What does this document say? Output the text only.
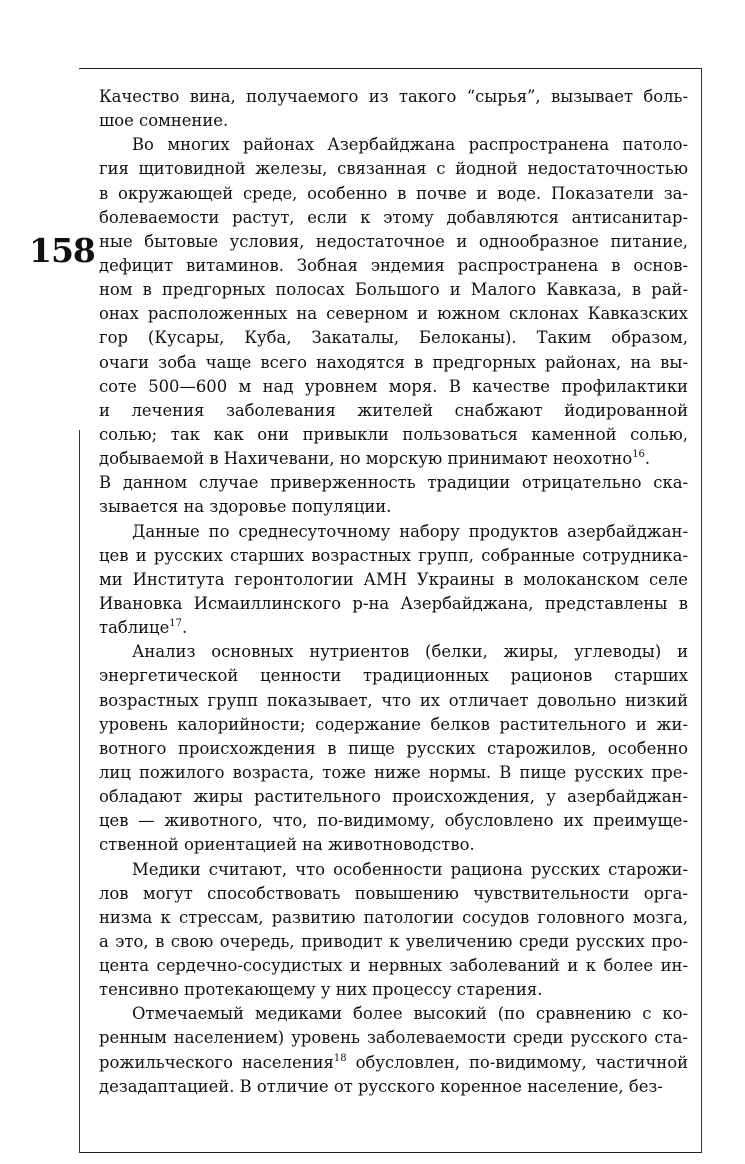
158
Качество вина, получаемого из такого “сырья”, вызывает боль-
шое сомнение.
Во многих районах Азербайджана распространена патоло-
гия щитовидной железы, связанная с йодной недостаточностью
в окружающей среде, особенно в почве и воде. Показатели за-
болеваемости растут, если к этому добавляются антисанитар-
ные бытовые условия, недостаточное и однообразное питание,
дефицит витаминов. Зобная эндемия распространена в основ-
ном в предгорных полосах Большого и Малого Кавказа, в рай-
онах расположенных на северном и южном склонах Кавказских
гор (Кусары, Куба, Закаталы, Белоканы). Таким образом,
очаги зоба чаще всего находятся в предгорных районах, на вы-
соте 500—600 м над уровнем моря. В качестве профилактики
и лечения заболевания жителей снабжают йодированной
солью; так как они привыкли пользоваться каменной солью,
добываемой в Нахичевани, но морскую принимают неохотно$^{16}$.
В данном случае приверженность традиции отрицательно ска-
зывается на здоровье популяции.
Данные по среднесуточному набору продуктов азербайджан-
цев и русских старших возрастных групп, собранные сотрудника-
ми Института геронтологии АМН Украины в молоканском селе
Ивановка Исмаиллинского р-на Азербайджана, представлены в
таблице$^{17}$.
Анализ основных нутриентов (белки, жиры, углеводы) и
энергетической ценности традиционных рационов старших
возрастных групп показывает, что их отличает довольно низкий
уровень калорийности; содержание белков растительного и жи-
вотного происхождения в пище русских старожилов, особенно
лиц пожилого возраста, тоже ниже нормы. В пище русских пре-
обладают жиры растительного происхождения, у азербайджан-
цев — животного, что, по-видимому, обусловлено их преимуще-
ственной ориентацией на животноводство.
Медики считают, что особенности рациона русских старожи-
лов могут способствовать повышению чувствительности орга-
низма к стрессам, развитию патологии сосудов головного мозга,
а это, в свою очередь, приводит к увеличению среди русских про-
цента сердечно-сосудистых и нервных заболеваний и к более ин-
тенсивно протекающему у них процессу старения.
Отмечаемый медиками более высокий (по сравнению с ко-
ренным населением) уровень заболеваемости среди русского ста-
рожильческого населения$^{18}$ обусловлен, по-видимому, частичной
дезадаптацией. В отличие от русского коренное население, без-
